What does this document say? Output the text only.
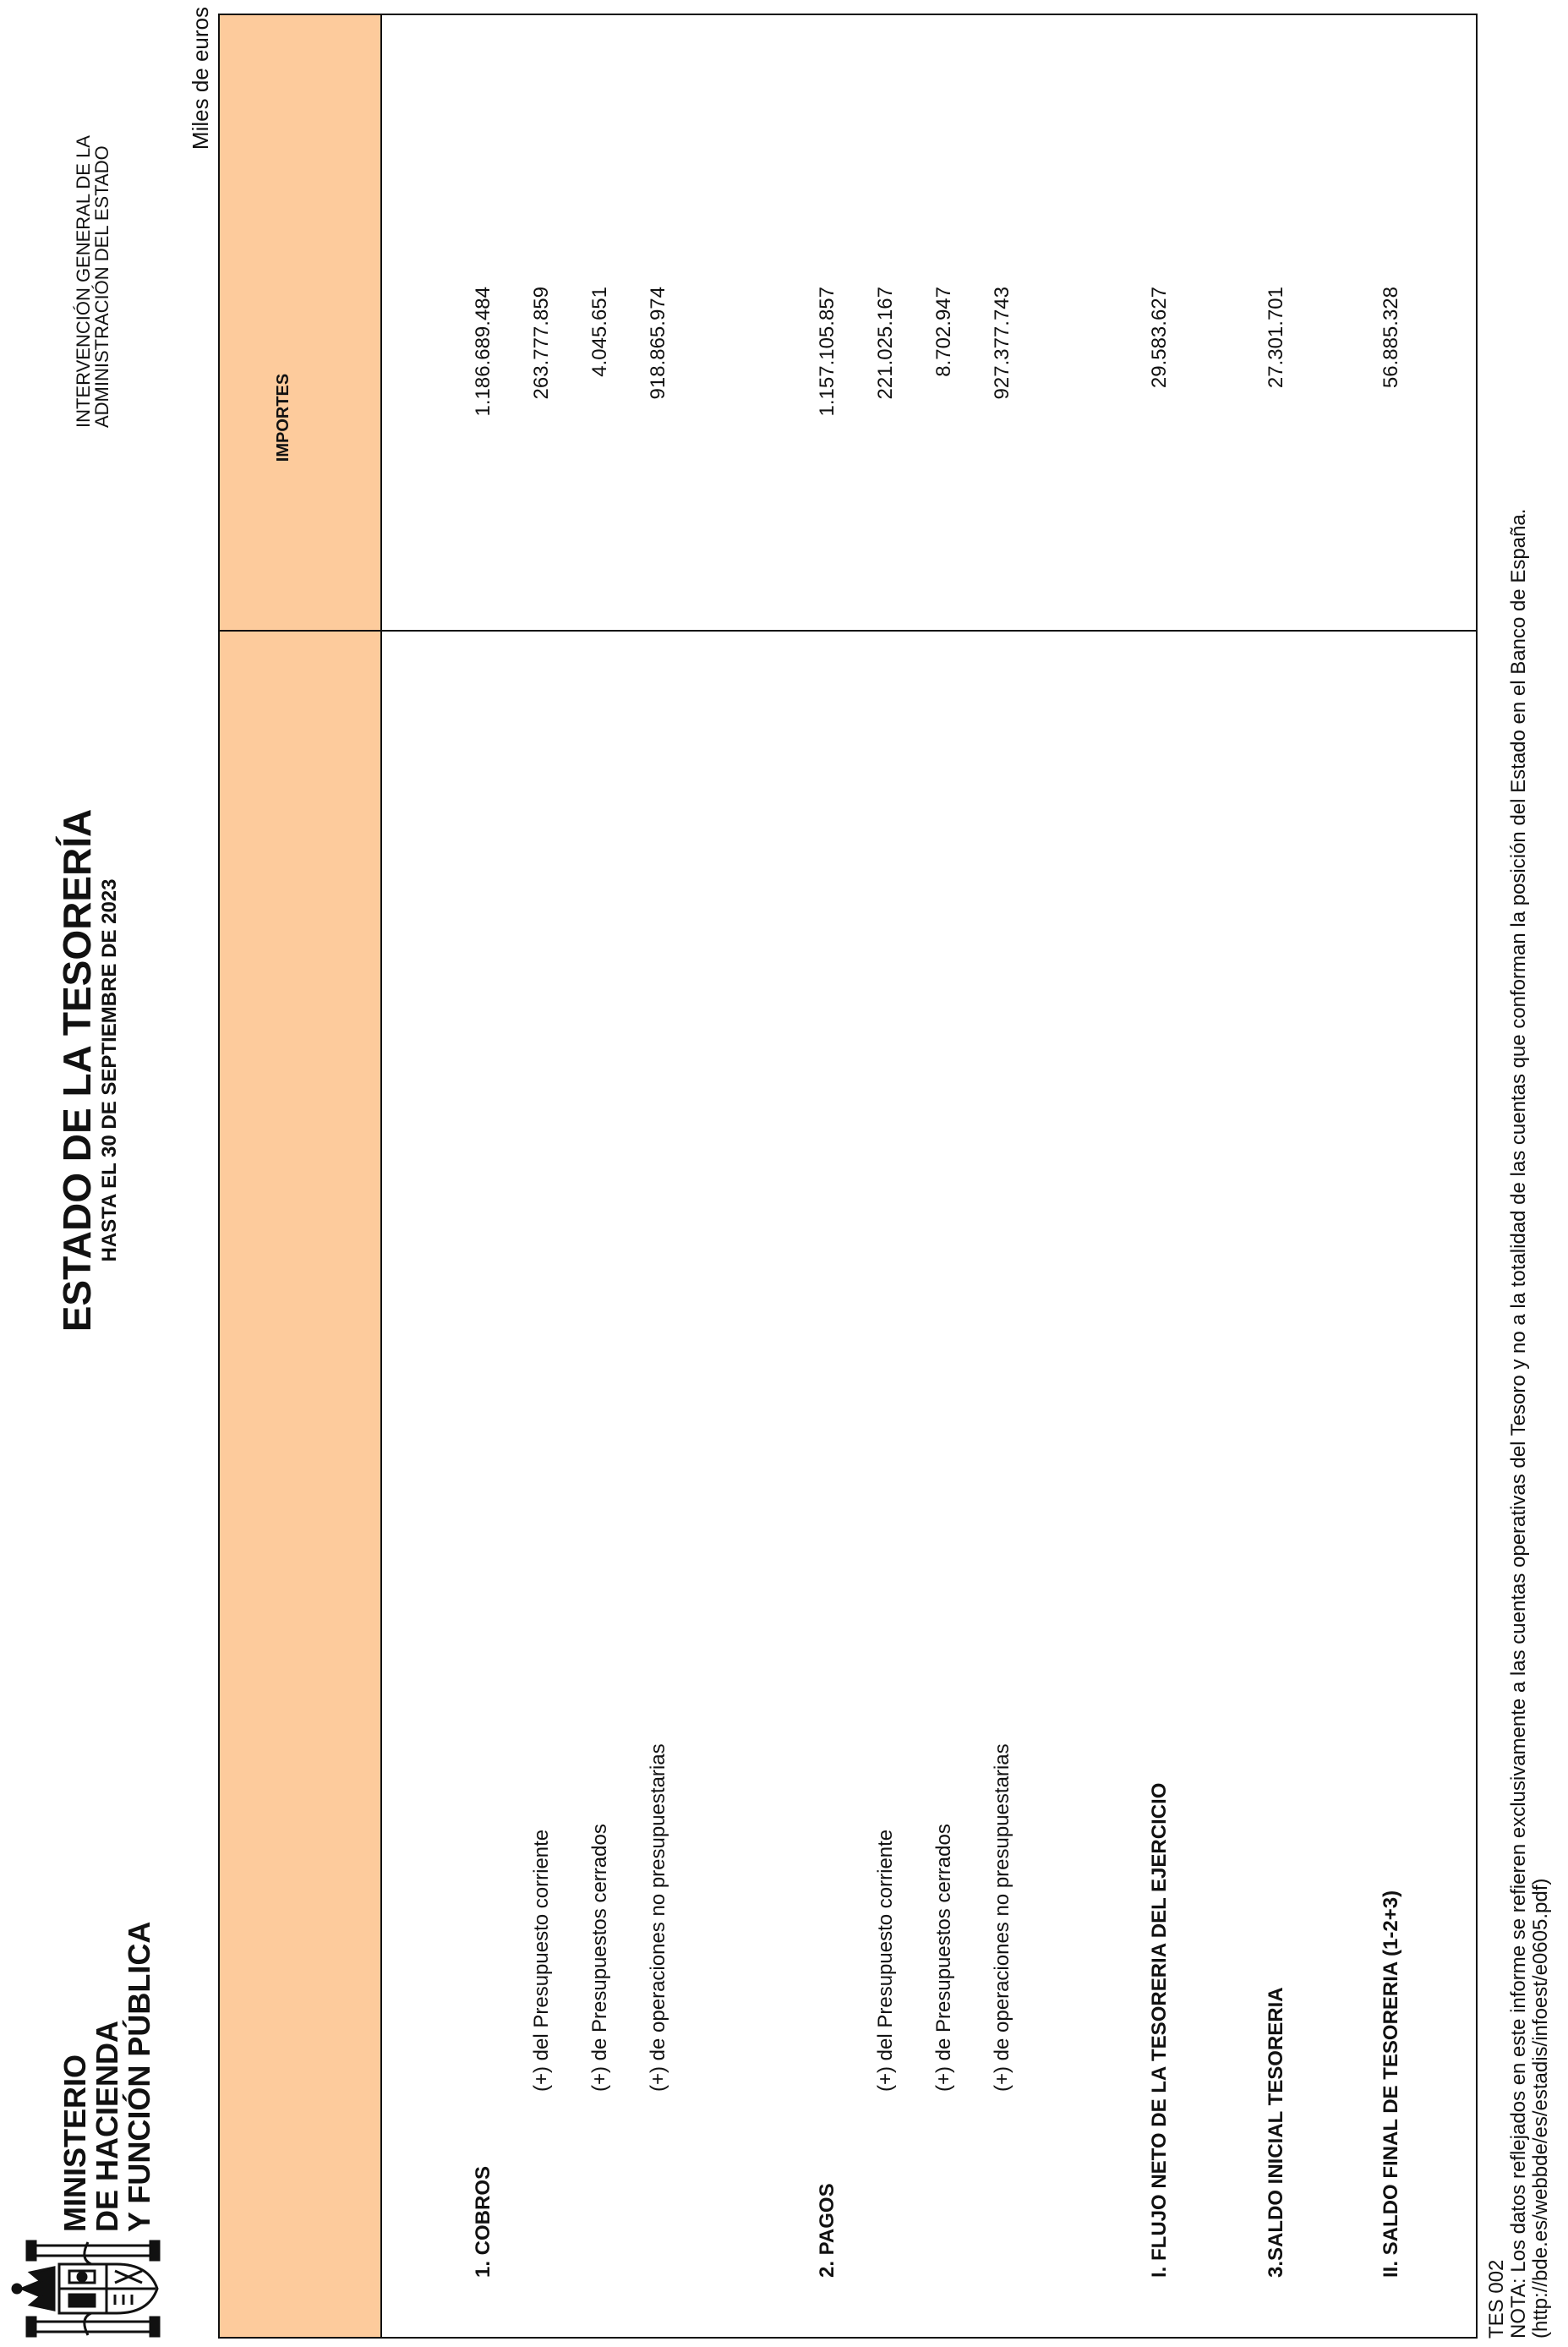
MINISTERIO
DE HACIENDA
Y FUNCIÓN PÚBLICA
ESTADO DE LA TESORERÍA HASTA EL 30 DE SEPTIEMBRE DE 2023
INTERVENCIÓN GENERAL DE LA
ADMINISTRACIÓN DEL ESTADO
Miles de euros
IMPORTES
1. COBROS
1.186.689.484
(+) del Presupuesto corriente
263.777.859
(+) de Presupuestos cerrados
4.045.651
(+) de operaciones no presupuestarias
918.865.974
2. PAGOS
1.157.105.857
(+) del Presupuesto corriente
221.025.167
(+) de Presupuestos cerrados
8.702.947
(+) de operaciones no presupuestarias
927.377.743
I. FLUJO NETO DE LA TESORERIA DEL EJERCICIO
29.583.627
3.SALDO INICIAL TESORERIA
27.301.701
II. SALDO FINAL DE TESORERIA (1-2+3)
56.885.328
TES 002 NOTA: Los datos reflejados en este informe se refieren exclusivamente a las cuentas operativas del Tesoro y no a la totalidad de las cuentas que conforman la posición del Estado en el Banco de España. (http://bde.es/webbde/es/estadis/infoest/e0605.pdf)
